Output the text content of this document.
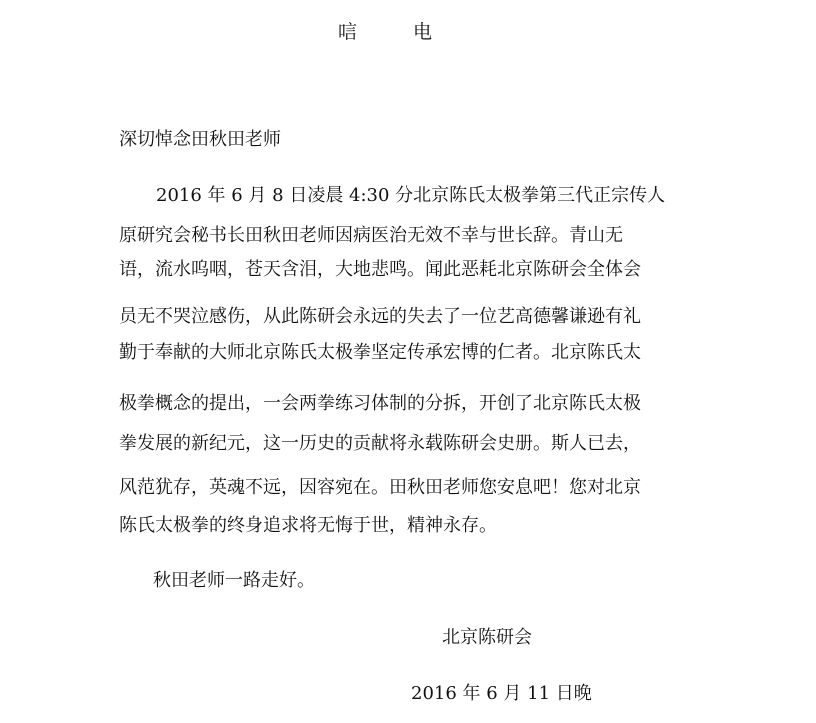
唁	电
深切悼念田秋田老师
2016 年 6 月 8 日凌晨 4:30 分北京陈氏太极拳第三代正宗传人
原研究会秘书长田秋田老师因病医治无效不幸与世长辞。青山无
语，流水呜咽，苍天含泪，大地悲鸣。闻此恶耗北京陈研会全体会
员无不哭泣感伤，从此陈研会永远的失去了一位艺高德馨谦逊有礼
勤于奉献的大师北京陈氏太极拳坚定传承宏博的仁者。北京陈氏太
极拳概念的提出，一会两拳练习体制的分拆，开创了北京陈氏太极
拳发展的新纪元，这一历史的贡献将永载陈研会史册。斯人已去，
风范犹存，英魂不远，因容宛在。田秋田老师您安息吧！您对北京
陈氏太极拳的终身追求将无悔于世，精神永存。
秋田老师一路走好。
北京陈研会
2016 年 6 月 11 日晚
